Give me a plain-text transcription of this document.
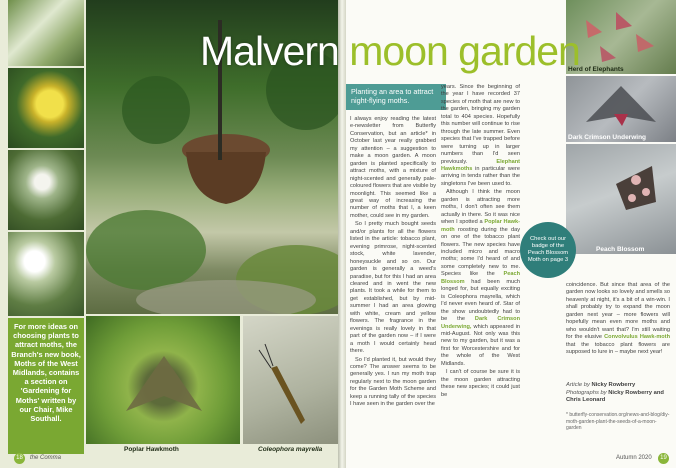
For more ideas on choosing plants to attract moths, the Branch's new book, Moths of the West Midlands, contains a section on 'Gardening for Moths' written by our Chair, Mike Southall.
Poplar Hawkmoth	Coleophora mayrella
18	the Comma
Herd of Elephants
Dark Crimson Underwing
Peach Blossom
19
Autumn 2020
Malvern moon garden
Planting an area to attract night-flying moths.

I always enjoy reading the latest e-newsletter from Butterfly Conservation, but an article* in October last year really grabbed my attention – a suggestion to make a moon garden. A moon garden is planted specifically to attract moths, with a mixture of night-scented and generally pale-coloured flowers that are visible by moonlight. This seemed like a great way of increasing the number of moths that I, a keen mother, could see in my garden.

So I pretty much bought seeds and/or plants for all the flowers listed in the article: tobacco plant, evening primrose, night-scented stock, white lavender, honeysuckle and so on. Our garden is generally a weed's paradise, but for this I had an area cleared and in went the new plants. It took a while for them to get established, but by mid-summer I had an area glowing with white, cream and yellow flowers. The fragrance in the evenings is really lovely in that part of the garden now – if I were a moth I would certainly head there.

So I'd planted it, but would they come? The answer seems to be generally yes. I run my moth trap regularly next to the moon garden for the Garden Moth Scheme and keep a running tally of the species I have seen in the garden over the

years. Since the beginning of the year I have recorded 37 species of moth that are new to the garden, bringing my garden total to 404 species. Hopefully this number will continue to rise through the late summer. Even species that I've trapped before were turning up in larger numbers than I'd seen previously.	Elephant Hawkmoths in particular were arriving in tends rather than the singletons I've been used to.

Although I think the moon garden is attracting more moths, I don't often see them actually in there. So it was nice when I spotted a Poplar Hawk-moth roosting during the day on one of the tobacco plant flowers. The new species have included micro and macro moths; some I'd heard of and some completely new to me. Species like the Peach Blossom had been much longed for, but equally exciting is Coleophora mayrella, which I'd never even heard of. Star of the show undoubtedly had to be the Dark Crimson Underwing, which appeared in mid-August. Not only was this new to my garden, but it was a first for Worcestershire and for the whole of the West Midlands.

I can't of course be sure it is the moon garden attracting these new species; it could just be

coincidence. But since that area of the garden now looks so lovely and smells so heavenly at night, it's a bit of a win-win. I shall probably try to expand the moon garden next year – more flowers will hopefully mean even more moths and who wouldn't want that? I'm still waiting for the elusive Convolvulus Hawk-moth that the tobacco plant flowers are supposed to lure in – maybe next year!

Article by Nicky Rowberry
Photographs by Nicky Rowberry and Chris Leonard
* butterfly-conservation.org/news-and-blog/diy-moth-garden-plant-the-seeds-of-a-moon-garden
Check out our badge of the Peach Blossom Moth on page 3
